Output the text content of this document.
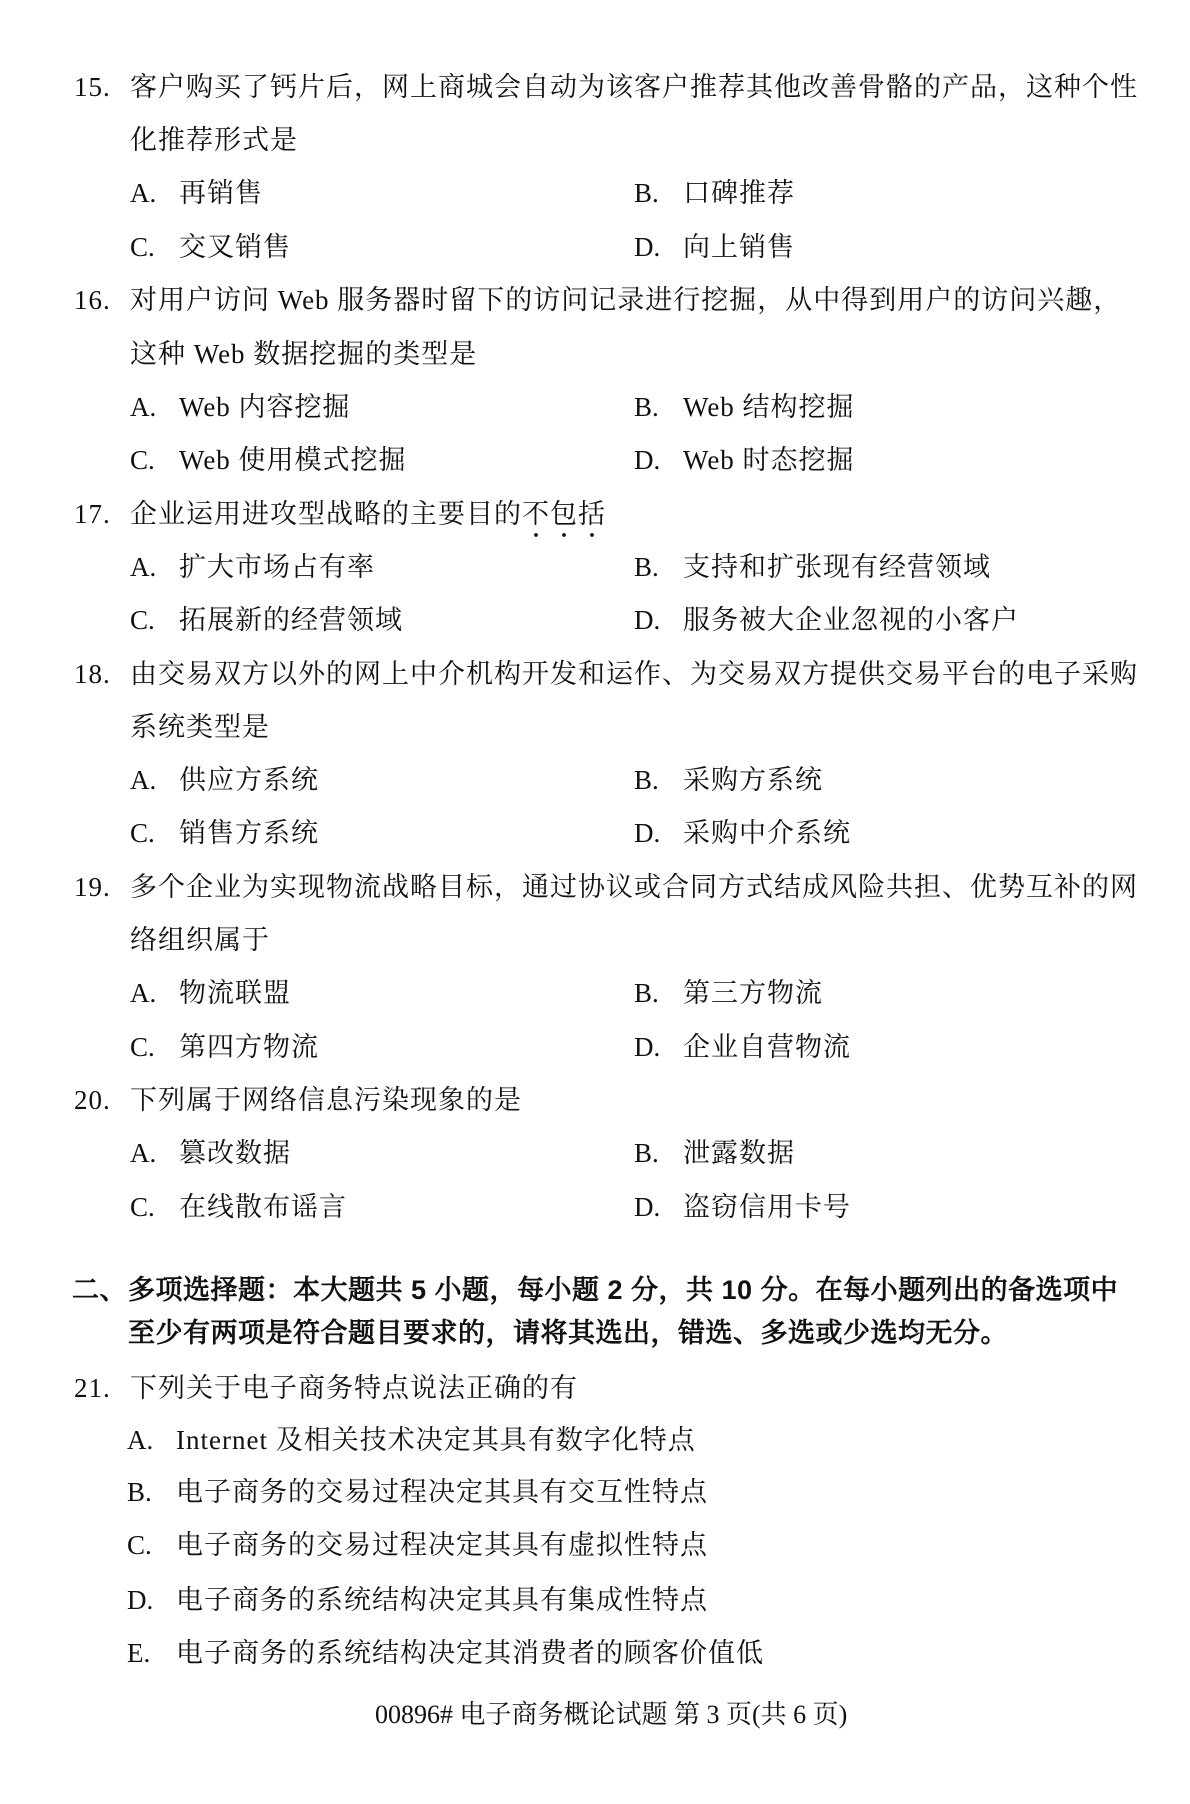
15. 客户购买了钙片后，网上商城会自动为该客户推荐其他改善骨骼的产品，这种个性
化推荐形式是
A. 再销售	B. 口碑推荐
C. 交叉销售	D. 向上销售
16. 对用户访问 Web 服务器时留下的访问记录进行挖掘，从中得到用户的访问兴趣，
这种 Web 数据挖掘的类型是
A. Web 内容挖掘	B. Web 结构挖掘
C. Web 使用模式挖掘	D. Web 时态挖掘
17. 企业运用进攻型战略的主要目的不包括
A. 扩大市场占有率	B. 支持和扩张现有经营领域
C. 拓展新的经营领域	D. 服务被大企业忽视的小客户
18. 由交易双方以外的网上中介机构开发和运作、为交易双方提供交易平台的电子采购
系统类型是
A. 供应方系统	B. 采购方系统
C. 销售方系统	D. 采购中介系统
19. 多个企业为实现物流战略目标，通过协议或合同方式结成风险共担、优势互补的网
络组织属于
A. 物流联盟	B. 第三方物流
C. 第四方物流	D. 企业自营物流
20. 下列属于网络信息污染现象的是
A. 篡改数据	B. 泄露数据
C. 在线散布谣言	D. 盗窃信用卡号
二、 多项选择题：本大题共 5 小题，每小题 2 分，共 10 分。在每小题列出的备选项中
至少有两项是符合题目要求的，请将其选出，错选、多选或少选均无分。
21. 下列关于电子商务特点说法正确的有
A. Internet 及相关技术决定其具有数字化特点
B. 电子商务的交易过程决定其具有交互性特点
C. 电子商务的交易过程决定其具有虚拟性特点
D. 电子商务的系统结构决定其具有集成性特点
E. 电子商务的系统结构决定其消费者的顾客价值低
00896# 电子商务概论试题 第 3 页(共 6 页)
